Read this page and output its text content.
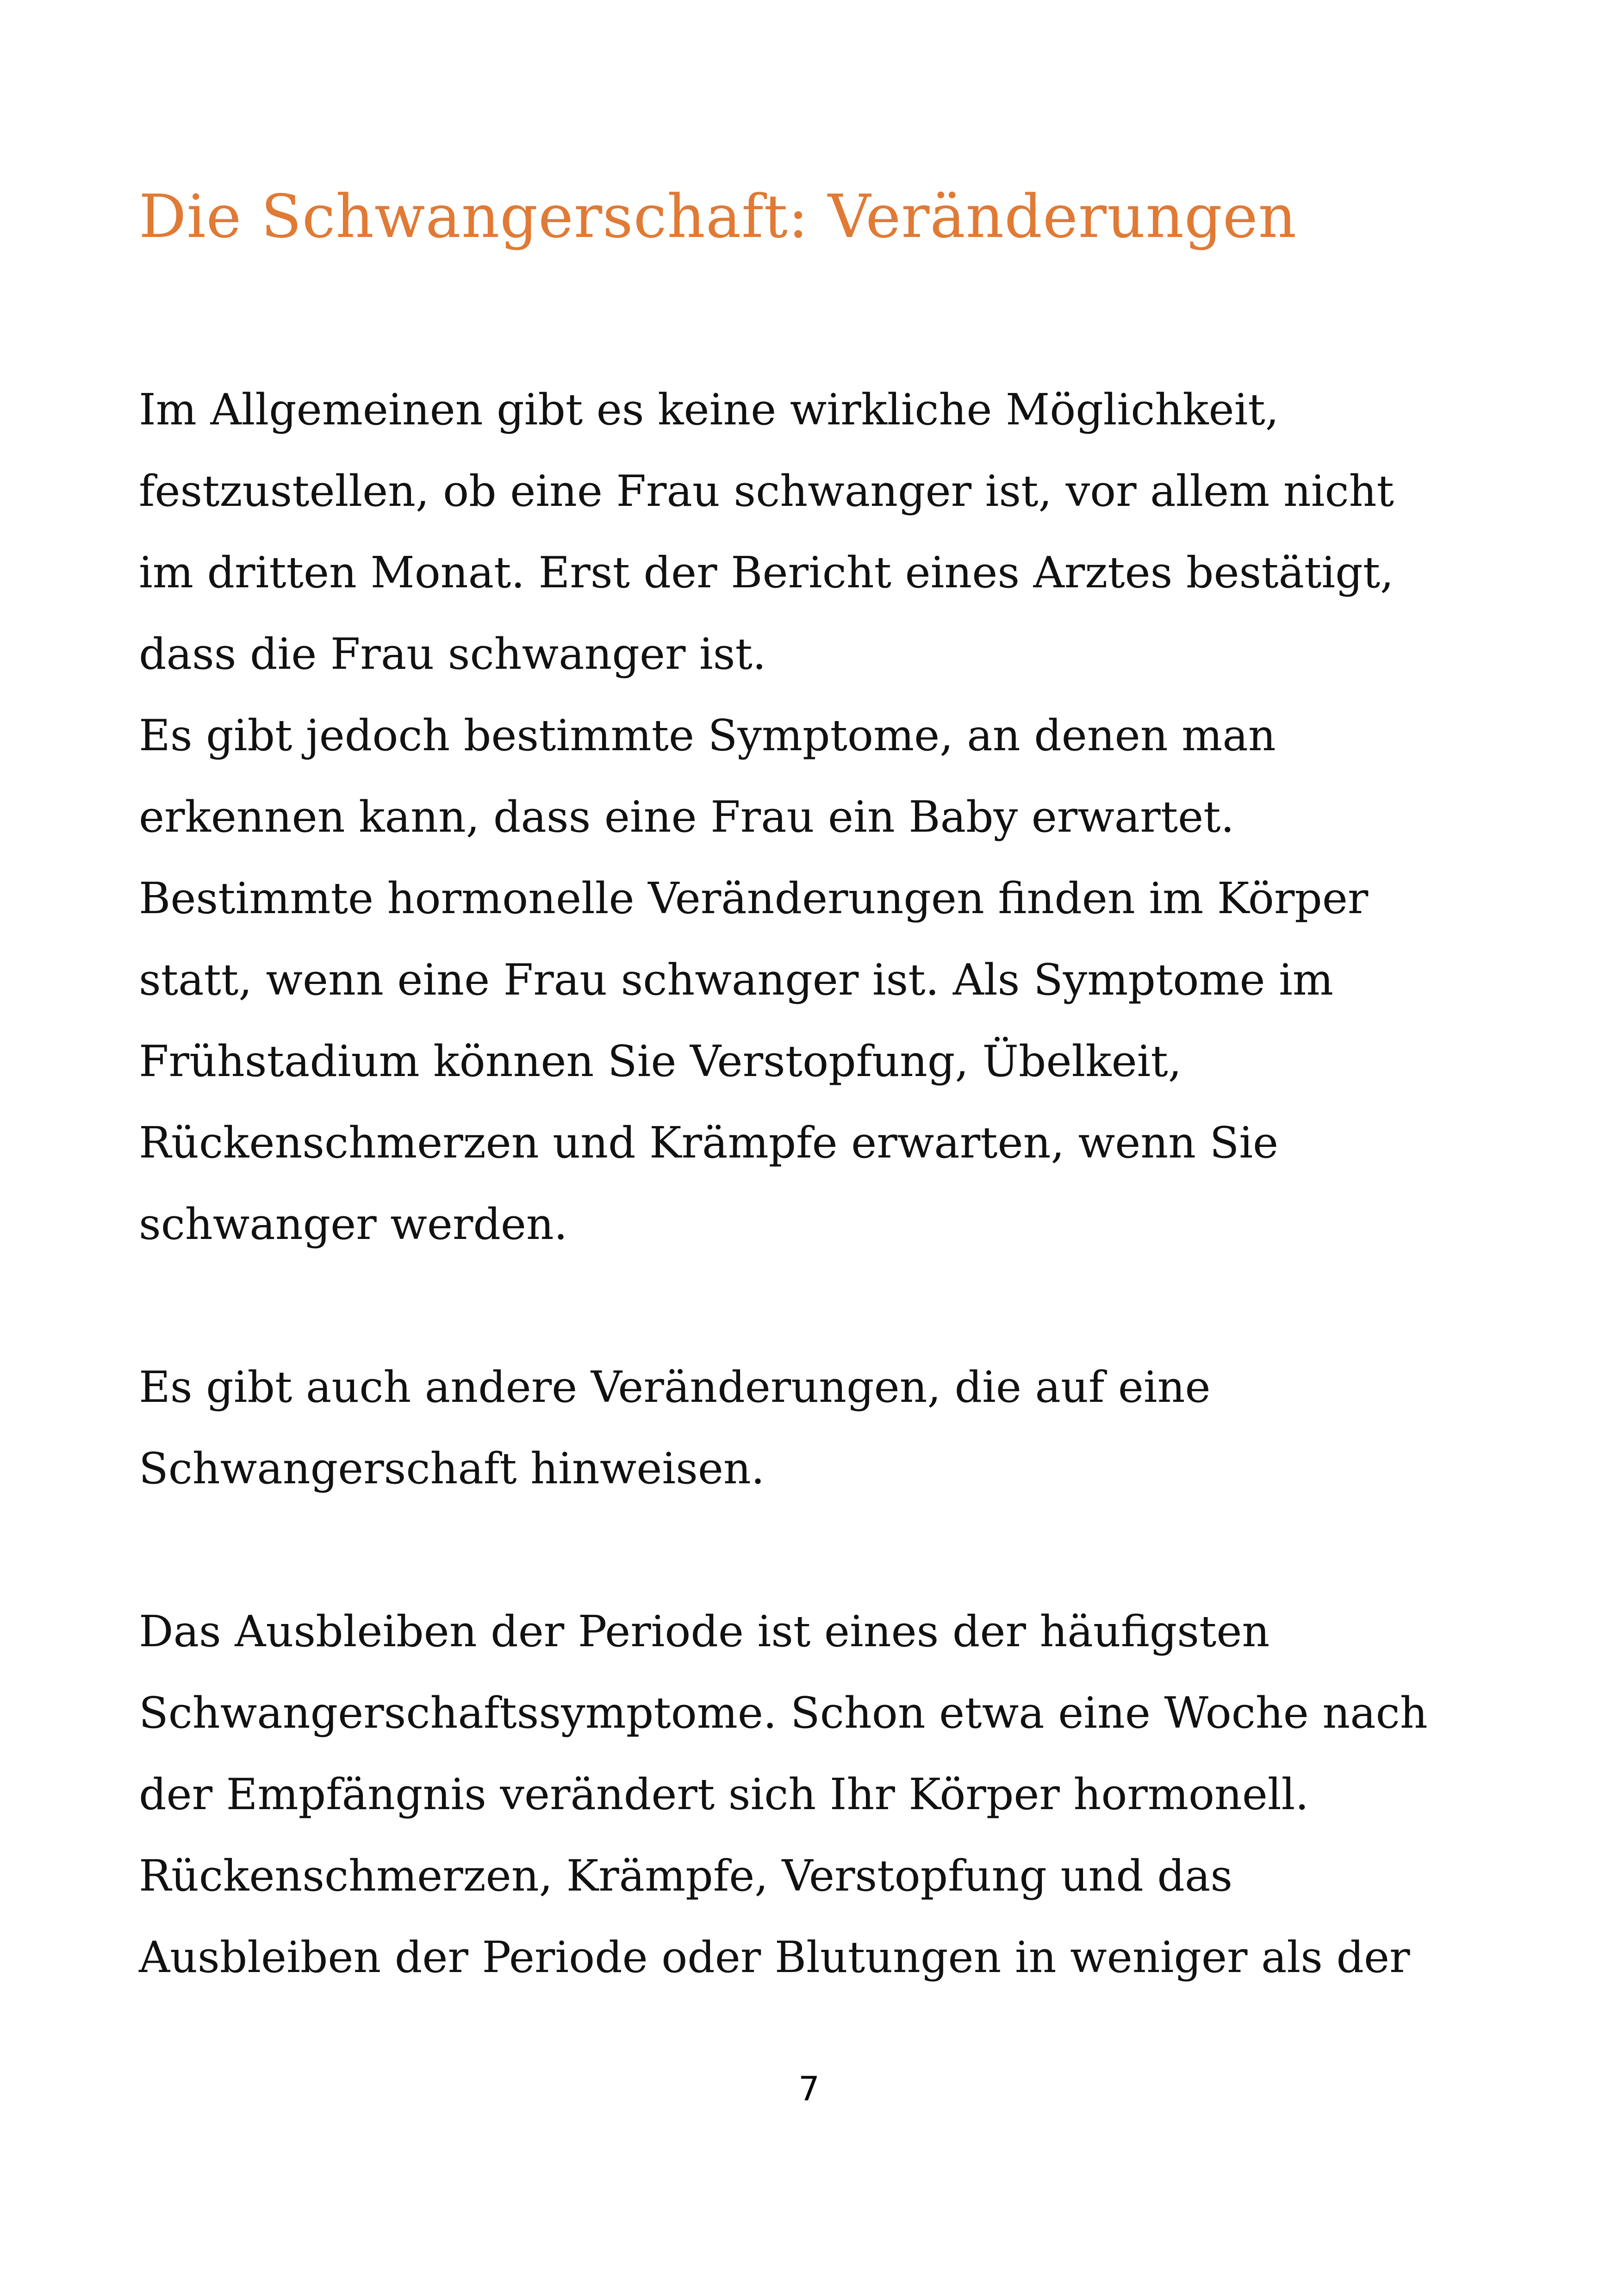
Die Schwangerschaft: Veränderungen

Im Allgemeinen gibt es keine wirkliche Möglichkeit,

festzustellen, ob eine Frau schwanger ist, vor allem nicht

im dritten Monat. Erst der Bericht eines Arztes bestätigt,

dass die Frau schwanger ist.

Es gibt jedoch bestimmte Symptome, an denen man

erkennen kann, dass eine Frau ein Baby erwartet.

Bestimmte hormonelle Veränderungen finden im Körper

statt, wenn eine Frau schwanger ist. Als Symptome im

Frühstadium können Sie Verstopfung, Übelkeit,

Rückenschmerzen und Krämpfe erwarten, wenn Sie

schwanger werden.

Es gibt auch andere Veränderungen, die auf eine

Schwangerschaft hinweisen.

Das Ausbleiben der Periode ist eines der häufigsten

Schwangerschaftssymptome. Schon etwa eine Woche nach

der Empfängnis verändert sich Ihr Körper hormonell.

Rückenschmerzen, Krämpfe, Verstopfung und das

Ausbleiben der Periode oder Blutungen in weniger als der

7
